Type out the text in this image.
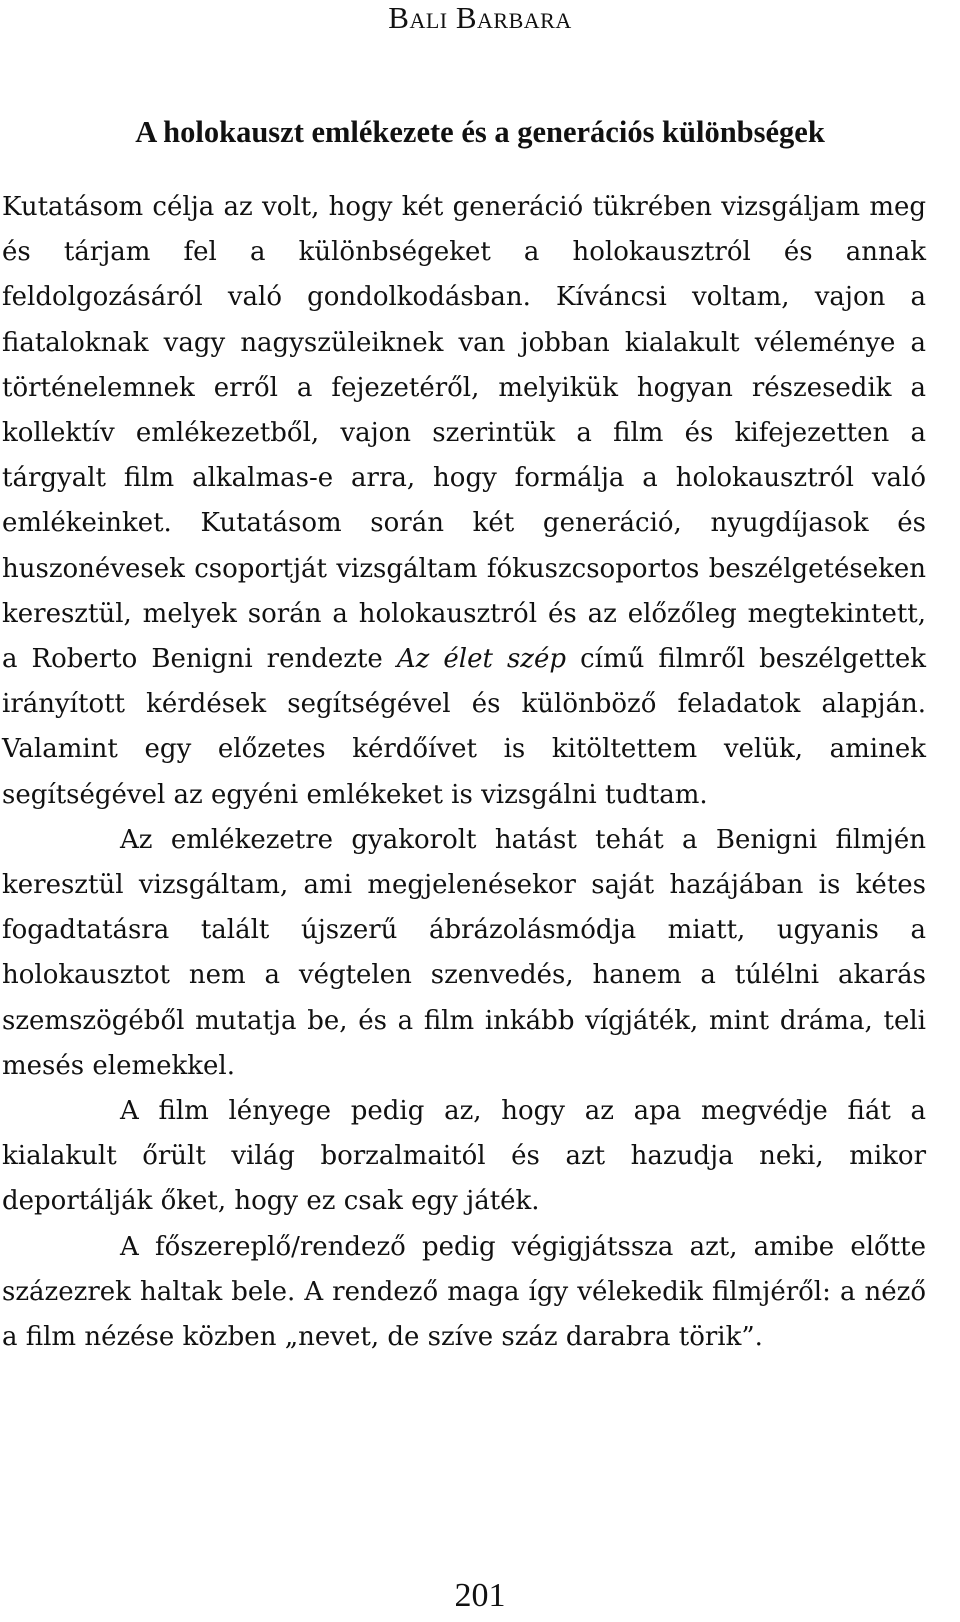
Bali Barbara
A holokauszt emlékezete és a generációs különbségek

Kutatásom célja az volt, hogy két generáció tükrében vizsgáljam meg és tárjam fel a különbségeket a holokausztról és annak feldolgozásáról való gondolkodásban. Kíváncsi voltam, vajon a fiataloknak vagy nagyszüleiknek van jobban kialakult véleménye a történelemnek erről a fejezetéről, melyikük hogyan részesedik a kollektív emlékezetből, vajon szerintük a film és kifejezetten a tárgyalt film alkalmas-e arra, hogy formálja a holokausztról való emlékeinket. Kutatásom során két generáció, nyugdíjasok és huszonévesek csoportját vizsgáltam fókuszcsoportos beszélgetéseken keresztül, melyek során a holokausztról és az előzőleg megtekintett, a Roberto Benigni rendezte Az élet szép című filmről beszélgettek irányított kérdések segítségével és különböző feladatok alapján. Valamint egy előzetes kérdőívet is kitöltettem velük, aminek segítségével az egyéni emlékeket is vizsgálni tudtam.

Az emlékezetre gyakorolt hatást tehát a Benigni filmjén keresztül vizsgáltam, ami megjelenésekor saját hazájában is kétes fogadtatásra talált újszerű ábrázolásmódja miatt, ugyanis a holokausztot nem a végtelen szenvedés, hanem a túlélni akarás szemszögéből mutatja be, és a film inkább vígjáték, mint dráma, teli mesés elemekkel.

A film lényege pedig az, hogy az apa megvédje fiát a kialakult őrült világ borzalmaitól és azt hazudja neki, mikor deportálják őket, hogy ez csak egy játék.

A főszereplő/rendező pedig végigjátssza azt, amibe előtte százezrek haltak bele. A rendező maga így vélekedik filmjéről: a néző a film nézése közben „nevet, de szíve száz darabra törik”.

201
